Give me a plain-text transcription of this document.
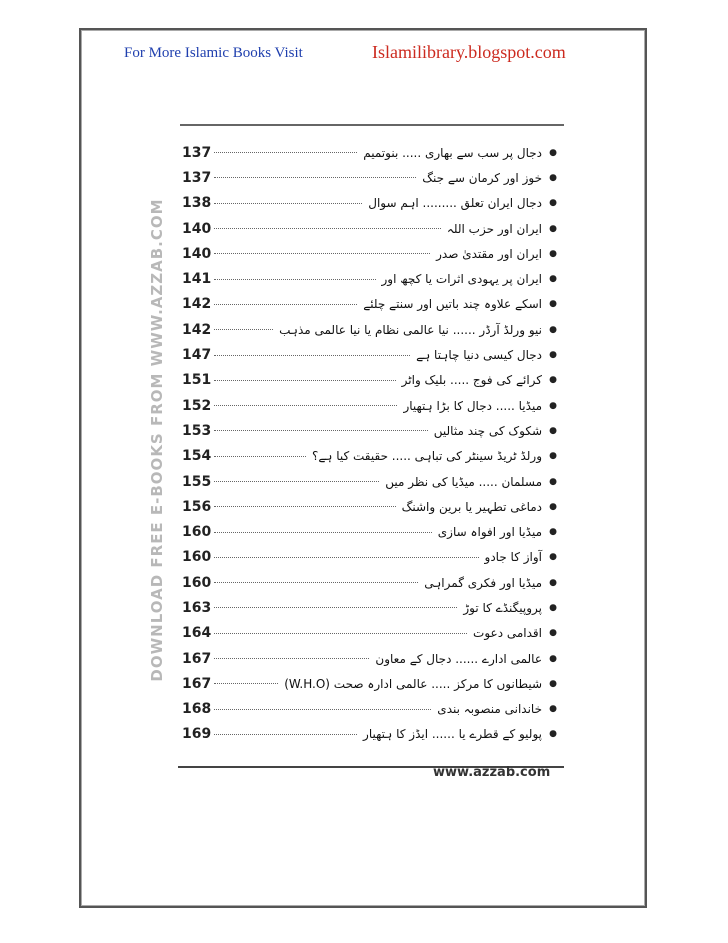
For More Islamic Books Visit	Islamilibrary.blogspot.com
DOWNLOAD FREE E-BOOKS FROM WWW.AZZAB.COM
137	دجال پر سب سے بھاری ..... بنوتمیم ●
137	خوز اور کرمان سے جنگ ●
138	دجال ایران تعلق ......... اہم سوال ●
140	ایران اور حزب اللہ ●
140	ایران اور مقتدیٰ صدر ●
141	ایران پر یہودی اثرات یا کچھ اور ●
142	اسکے علاوہ چند باتیں اور سنتے چلئے ●
142	نیو ورلڈ آرڈر ...... نیا عالمی نظام یا نیا عالمی مذہب ●
147	دجال کیسی دنیا چاہتا ہے ●
151	کرائے کی فوج ..... بلیک واٹر ●
152	میڈیا ..... دجال کا بڑا ہتھیار ●
153	شکوک کی چند مثالیں ●
154	ورلڈ ٹریڈ سینٹر کی تباہی ..... حقیقت کیا ہے؟ ●
155	مسلمان ..... میڈیا کی نظر میں ●
156	دماغی تطہیر یا برین واشنگ ●
160	میڈیا اور افواہ سازی ●
160	آواز کا جادو ●
160	میڈیا اور فکری گمراہی ●
163	پروپیگنڈے کا توڑ ●
164	اقدامی دعوت ●
167	عالمی ادارے ...... دجال کے معاون ●
167	شیطانوں کا مرکز ..... عالمی ادارہ صحت (W.H.O) ●
168	خاندانی منصوبہ بندی ●
169	پولیو کے قطرے یا ...... ایڈز کا ہتھیار ●
www.azzab.com
